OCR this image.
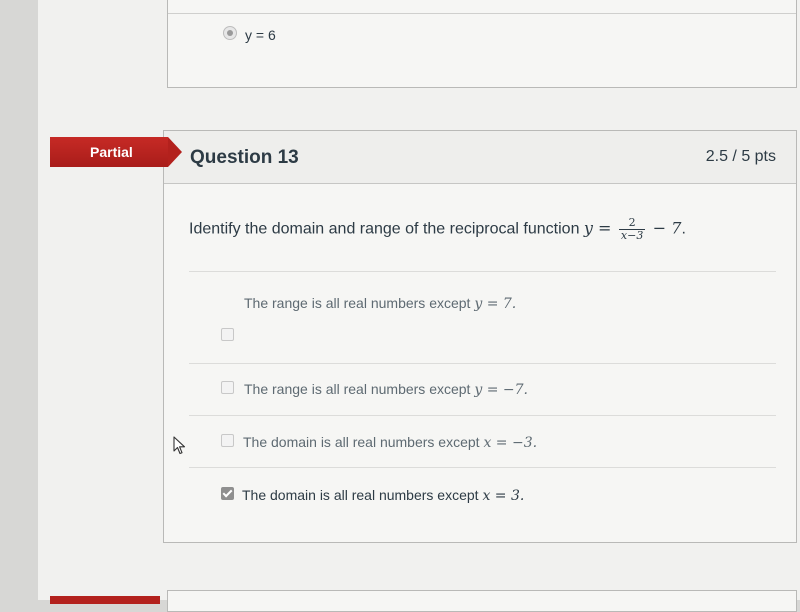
y = 6
Question 13	2.5 / 5 pts
Identify the domain and range of the reciprocal function $y = \frac{2}{x-3} - 7$.
The range is all real numbers except y = 7.
The range is all real numbers except y = −7.
The domain is all real numbers except x = −3.
The domain is all real numbers except x = 3.
Partial
